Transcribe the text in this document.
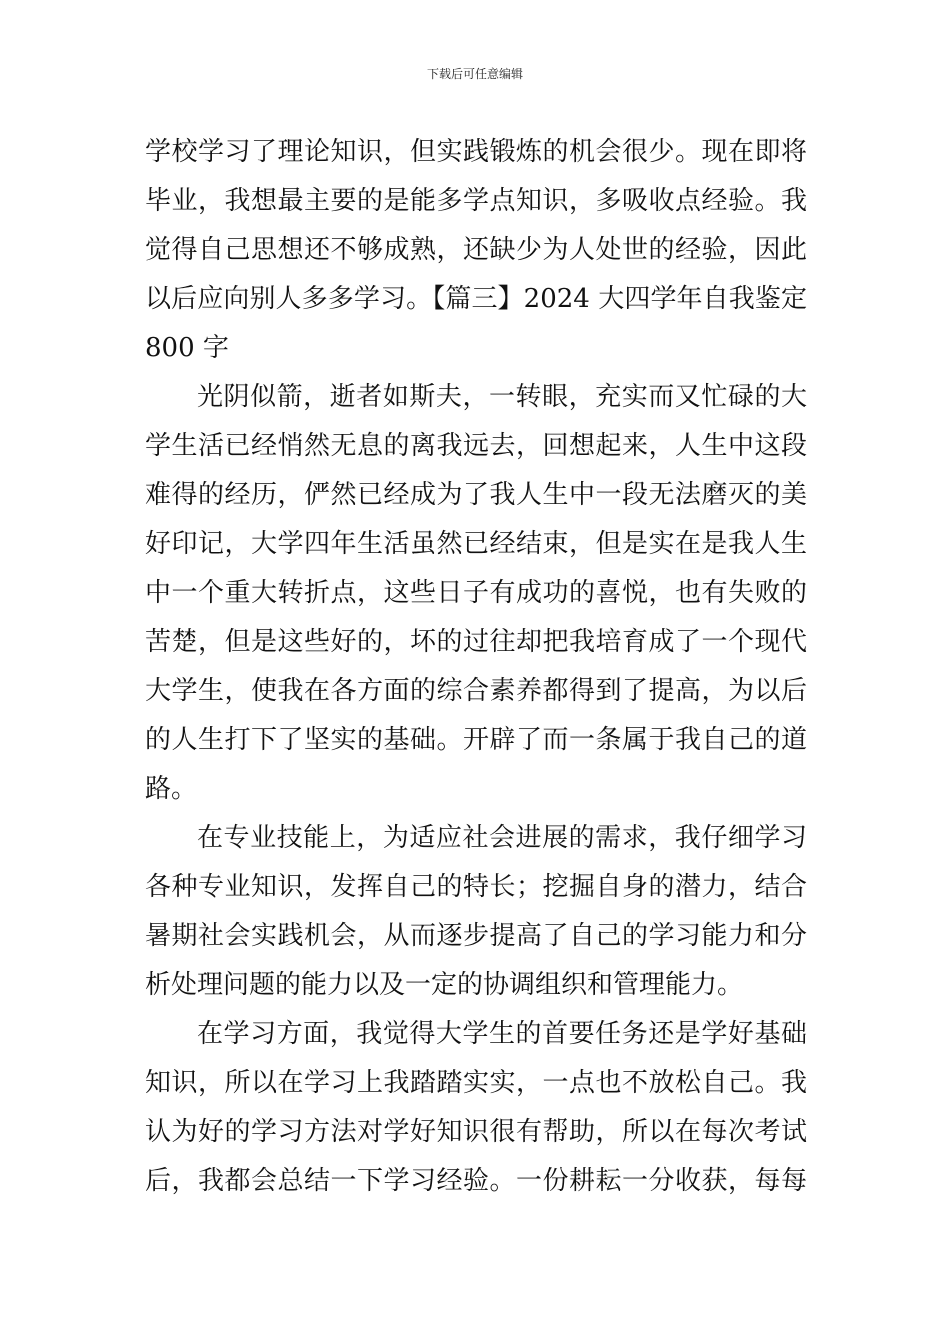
下载后可任意编辑
学校学习了理论知识，但实践锻炼的机会很少。现在即将
毕业，我想最主要的是能多学点知识，多吸收点经验。我
觉得自己思想还不够成熟，还缺少为人处世的经验，因此
以后应向别人多多学习。【篇三】2024 大四学年自我鉴定
800 字
光阴似箭，逝者如斯夫，一转眼，充实而又忙碌的大
学生活已经悄然无息的离我远去，回想起来，人生中这段
难得的经历，俨然已经成为了我人生中一段无法磨灭的美
好印记，大学四年生活虽然已经结束，但是实在是我人生
中一个重大转折点，这些日子有成功的喜悦，也有失败的
苦楚，但是这些好的，坏的过往却把我培育成了一个现代
大学生，使我在各方面的综合素养都得到了提高，为以后
的人生打下了坚实的基础。开辟了而一条属于我自己的道
路。
在专业技能上，为适应社会进展的需求，我仔细学习
各种专业知识，发挥自己的特长；挖掘自身的潜力，结合
暑期社会实践机会，从而逐步提高了自己的学习能力和分
析处理问题的能力以及一定的协调组织和管理能力。
在学习方面，我觉得大学生的首要任务还是学好基础
知识，所以在学习上我踏踏实实，一点也不放松自己。我
认为好的学习方法对学好知识很有帮助，所以在每次考试
后，我都会总结一下学习经验。一份耕耘一分收获，每每
